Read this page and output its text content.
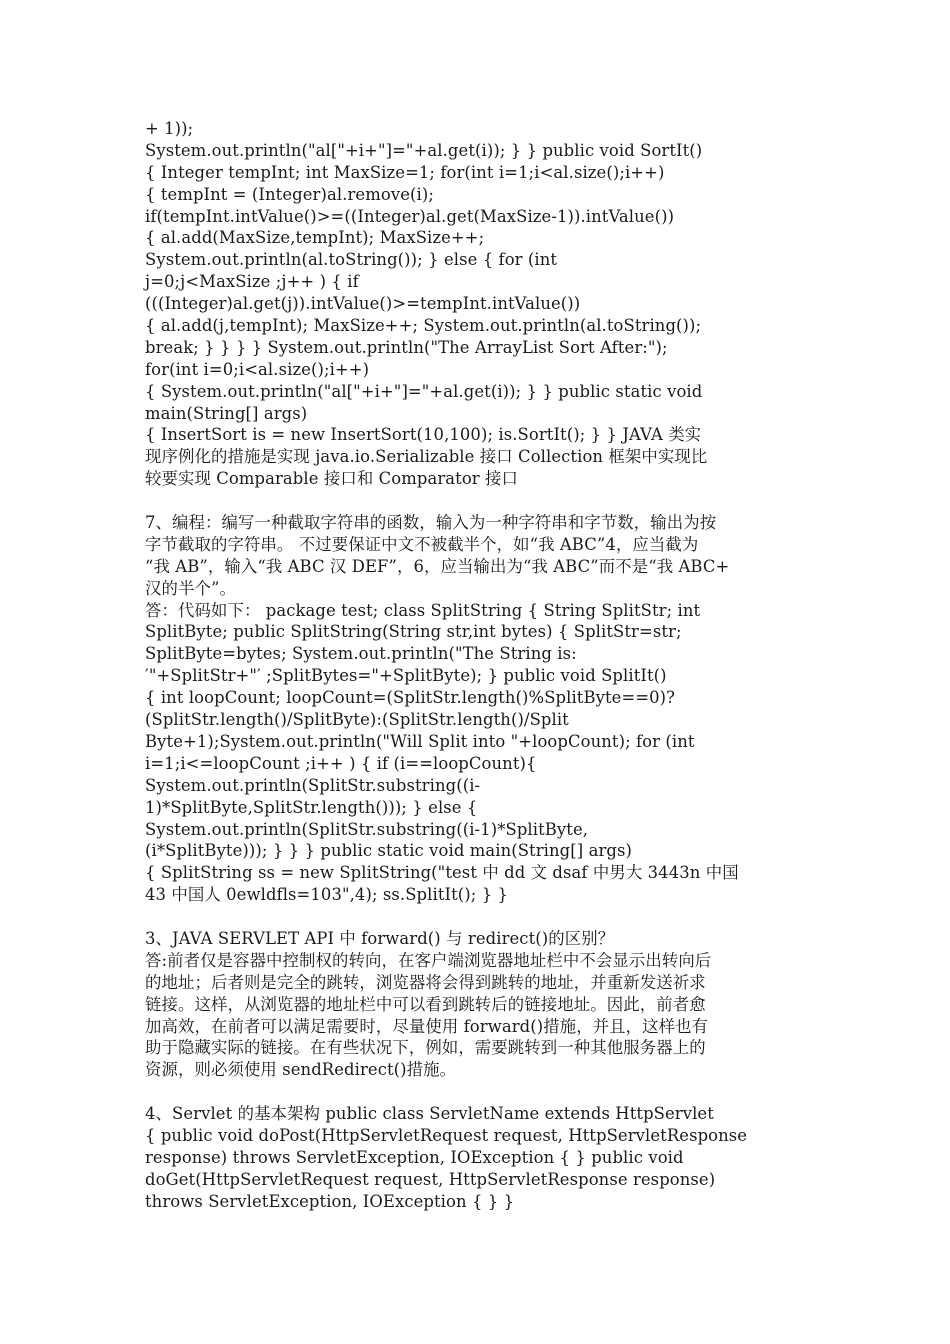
+ 1));
System.out.println("al["+i+"]="+al.get(i)); } } public void SortIt()
{ Integer tempInt; int MaxSize=1; for(int i=1;i<al.size();i++)
{ tempInt = (Integer)al.remove(i);
if(tempInt.intValue()>=((Integer)al.get(MaxSize-1)).intValue())
{ al.add(MaxSize,tempInt); MaxSize++;
System.out.println(al.toString()); } else { for (int
j=0;j<MaxSize ;j++ ) { if
(((Integer)al.get(j)).intValue()>=tempInt.intValue())
{ al.add(j,tempInt); MaxSize++; System.out.println(al.toString());
break; } } } } System.out.println("The ArrayList Sort After:");
for(int i=0;i<al.size();i++)
{ System.out.println("al["+i+"]="+al.get(i)); } } public static void
main(String[] args)
{ InsertSort is = new InsertSort(10,100); is.SortIt(); } } JAVA 类实
现序例化的措施是实现 java.io.Serializable 接口 Collection 框架中实现比
较要实现 Comparable 接口和 Comparator 接口
7、编程：编写一种截取字符串的函数，输入为一种字符串和字节数，输出为按
字节截取的字符串。 不过要保证中文不被截半个，如“我 ABC”4，应当截为
“我 AB”，输入“我 ABC 汉 DEF”，6，应当输出为“我 ABC”而不是“我 ABC+
汉的半个”。
答：代码如下： package test; class SplitString { String SplitStr; int
SplitByte; public SplitString(String str,int bytes) { SplitStr=str;
SplitByte=bytes; System.out.println("The String is:
′"+SplitStr+"′ ;SplitBytes="+SplitByte); } public void SplitIt()
{ int loopCount; loopCount=(SplitStr.length()%SplitByte==0)?
(SplitStr.length()/SplitByte):(SplitStr.length()/Split
Byte+1);System.out.println("Will Split into "+loopCount); for (int
i=1;i<=loopCount ;i++ ) { if (i==loopCount){
System.out.println(SplitStr.substring((i-
1)*SplitByte,SplitStr.length())); } else {
System.out.println(SplitStr.substring((i-1)*SplitByte,
(i*SplitByte))); } } } public static void main(String[] args)
{ SplitString ss = new SplitString("test 中 dd 文 dsaf 中男大 3443n 中国
43 中国人 0ewldfls=103",4); ss.SplitIt(); } }
3、JAVA SERVLET API 中 forward() 与 redirect()的区别？
答:前者仅是容器中控制权的转向，在客户端浏览器地址栏中不会显示出转向后
的地址；后者则是完全的跳转，浏览器将会得到跳转的地址，并重新发送祈求
链接。这样，从浏览器的地址栏中可以看到跳转后的链接地址。因此，前者愈
加高效，在前者可以满足需要时，尽量使用 forward()措施，并且，这样也有
助于隐藏实际的链接。在有些状况下，例如，需要跳转到一种其他服务器上的
资源，则必须使用 sendRedirect()措施。
4、Servlet 的基本架构 public class ServletName extends HttpServlet
{ public void doPost(HttpServletRequest request, HttpServletResponse
response) throws ServletException, IOException { } public void
doGet(HttpServletRequest request, HttpServletResponse response)
throws ServletException, IOException { } }
